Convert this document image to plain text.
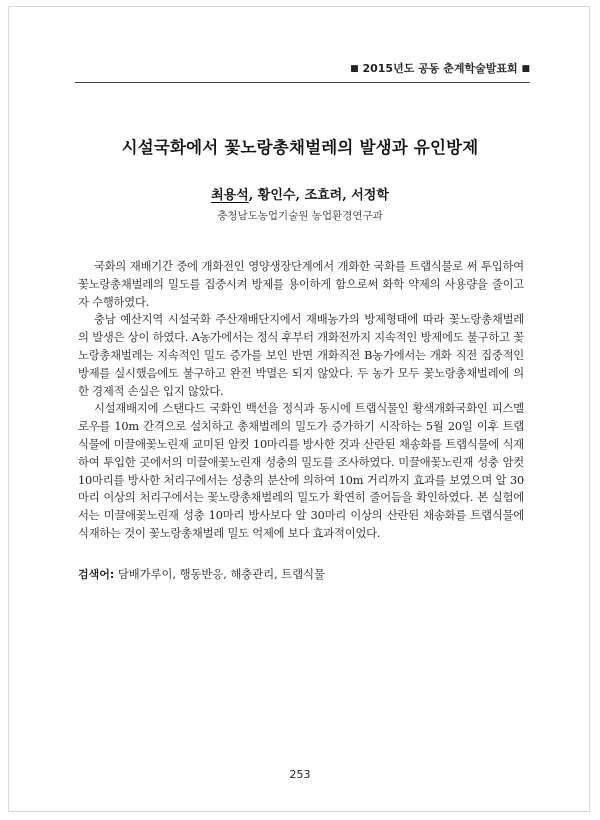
■ 2015년도 공동 춘계학술발표회 ■
시설국화에서 꽃노랑총채벌레의 발생과 유인방제
최용석, 황인수, 조효려, 서정학
충청남도농업기술원 농업환경연구과

국화의 재배기간 중에 개화전인 영양생장단계에서 개화한 국화를 트랩식물로 써 투입하여 꽃노랑총채벌레의 밀도를 집중시켜 방제를 용이하게 함으로써 화학 약제의 사용량을 줄이고자 수행하였다.

충남 예산지역 시설국화 주산재배단지에서 재배농가의 방제형태에 따라 꽃노랑총채벌레의 발생은 상이 하였다. A농가에서는 정식 후부터 개화전까지 지속적인 방제에도 불구하고 꽃노랑총채벌레는 지속적인 밀도 증가를 보인 반면 개화직전 B농가에서는 개화 직전 집중적인 방제를 실시했음에도 불구하고 완전 박멸은 되지 않았다. 두 농가 모두 꽃노랑총채벌레에 의한 경제적 손실은 입지 않았다.

시설재배지에 스탠다드 국화인 백선을 정식과 동시에 트랩식물인 황색개화국화인 피스멜로우를 10m 간격으로 설치하고 총채벌레의 밀도가 증가하기 시작하는 5월 20일 이후 트랩식물에 미끌애꽃노린재 교미된 암컷 10마리를 방사한 것과 산란된 채송화를 트랩식물에 식재하여 투입한 곳에서의 미끌애꽃노린재 성충의 밀도를 조사하였다. 미끌애꽃노린재 성충 암컷 10마리를 방사한 처리구에서는 성충의 분산에 의하여 10m 거리까지 효과를 보였으며 알 30마리 이상의 처리구에서는 꽃노랑총채벌레의 밀도가 확연히 줄어듬을 확인하였다. 본 실험에서는 미끌애꽃노린재 성충 10마리 방사보다 알 30마리 이상의 산란된 채송화를 트랩식물에 식재하는 것이 꽃노랑총채벌레 밀도 억제에 보다 효과적이었다.

검색어: 담배가루이, 행동반응, 해충관리, 트랩식물
253
